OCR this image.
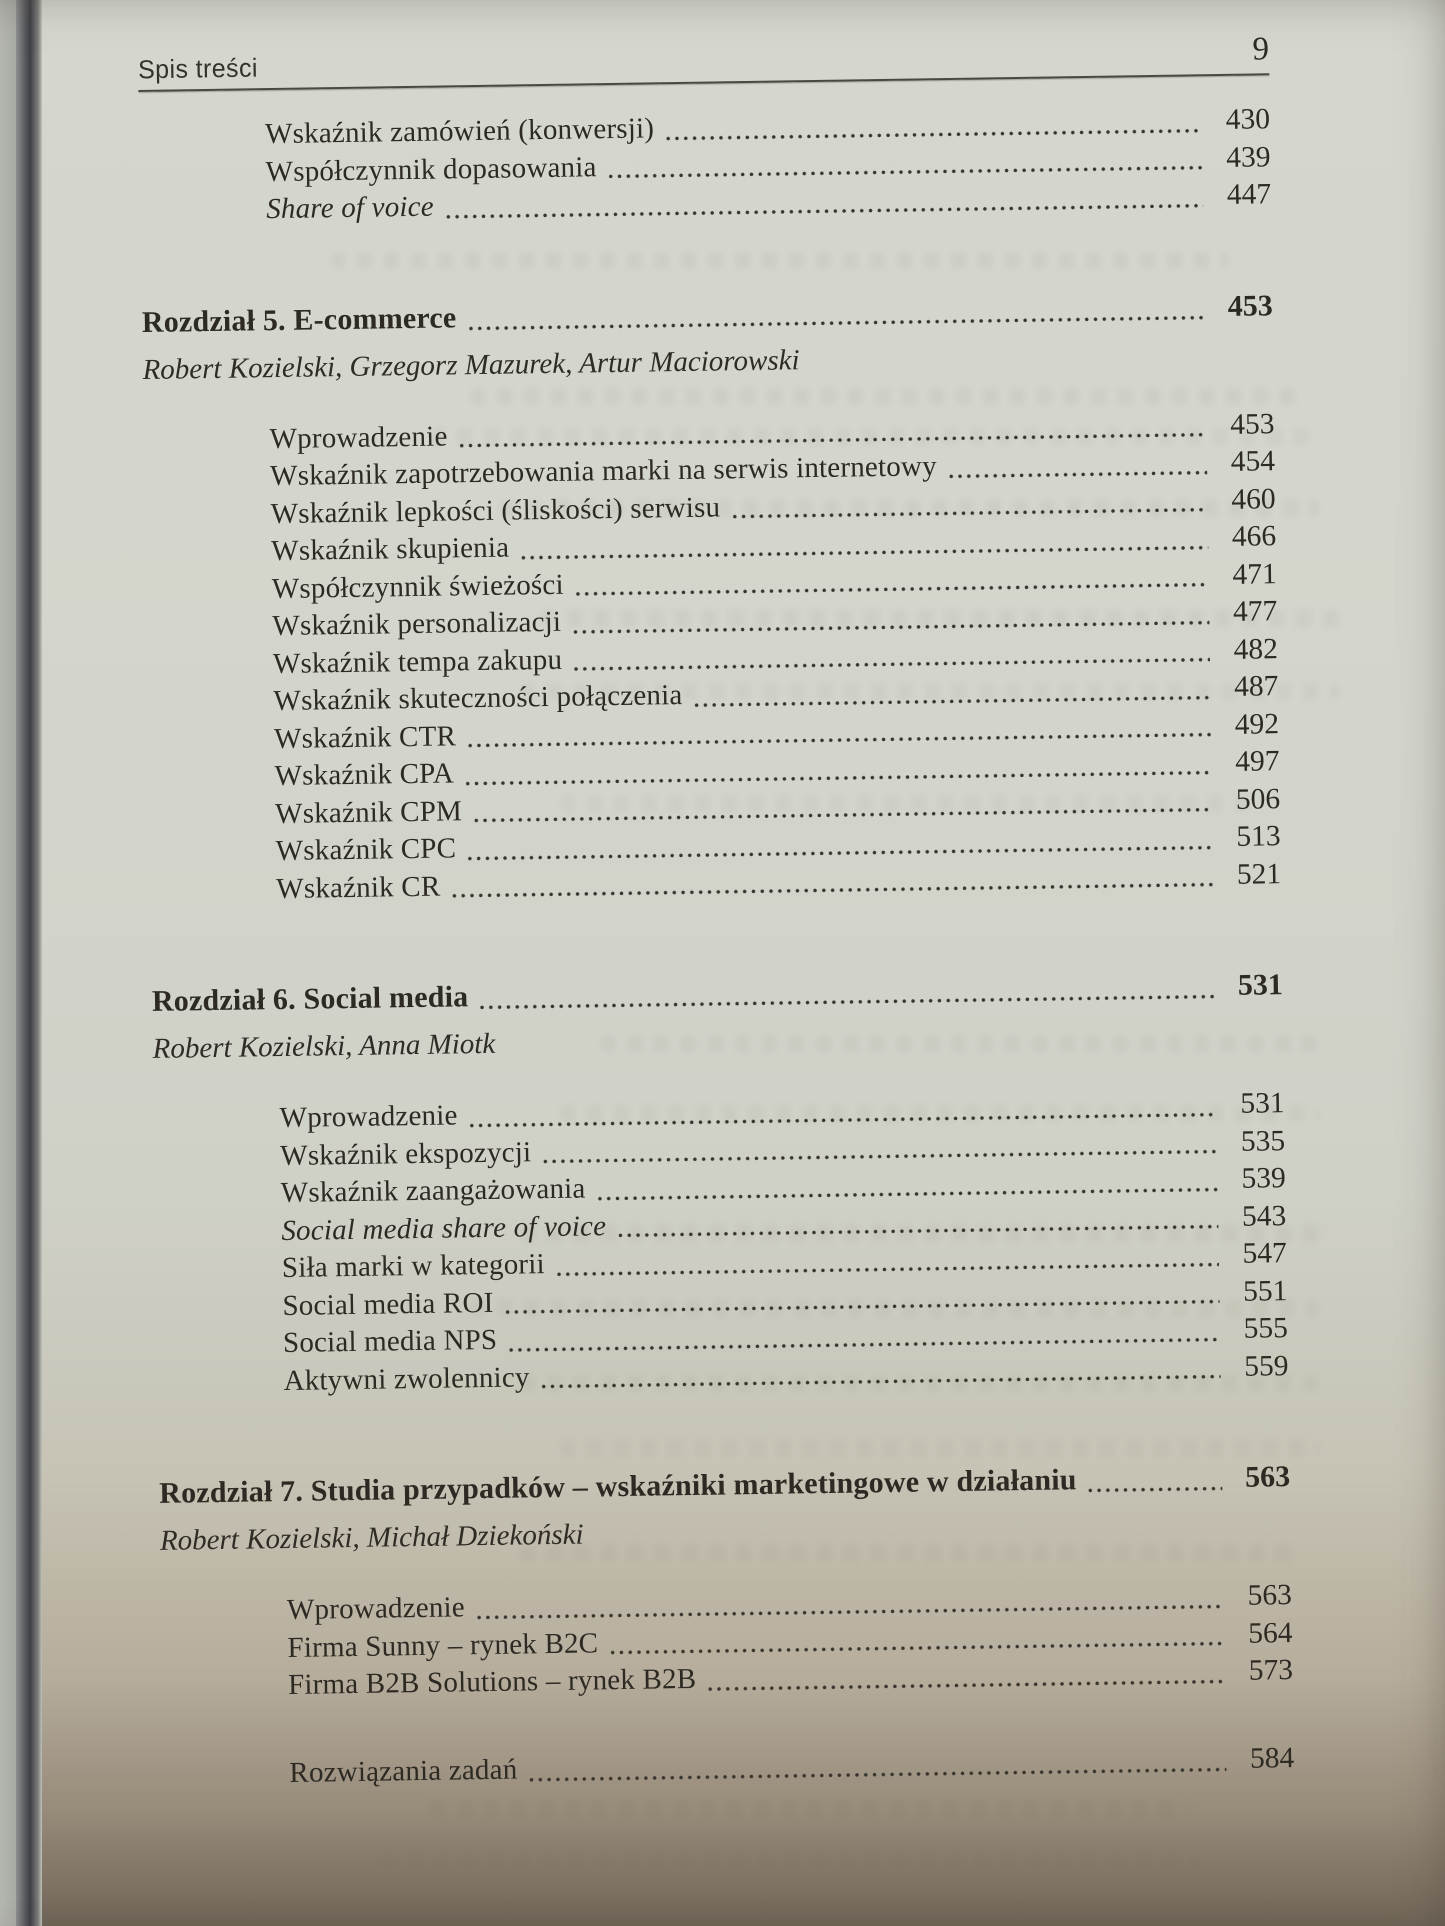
Spis treści
9
Wskaźnik zamówień (konwersji)	430
Współczynnik dopasowania	439
Share of voice	447
Rozdział 5. E-commerce	453
Robert Kozielski, Grzegorz Mazurek, Artur Maciorowski
Wprowadzenie	453
Wskaźnik zapotrzebowania marki na serwis internetowy	454
Wskaźnik lepkości (śliskości) serwisu	460
Wskaźnik skupienia	466
Współczynnik świeżości	471
Wskaźnik personalizacji	477
Wskaźnik tempa zakupu	482
Wskaźnik skuteczności połączenia	487
Wskaźnik CTR	492
Wskaźnik CPA	497
Wskaźnik CPM	506
Wskaźnik CPC	513
Wskaźnik CR	521
Rozdział 6. Social media	531
Robert Kozielski, Anna Miotk
Wprowadzenie	531
Wskaźnik ekspozycji	535
Wskaźnik zaangażowania	539
Social media share of voice	543
Siła marki w kategorii	547
Social media ROI	551
Social media NPS	555
Aktywni zwolennicy	559
Rozdział 7. Studia przypadków – wskaźniki marketingowe w działaniu	563
Robert Kozielski, Michał Dziekoński
Wprowadzenie	563
Firma Sunny – rynek B2C	564
Firma B2B Solutions – rynek B2B	573
Rozwiązania zadań	584
